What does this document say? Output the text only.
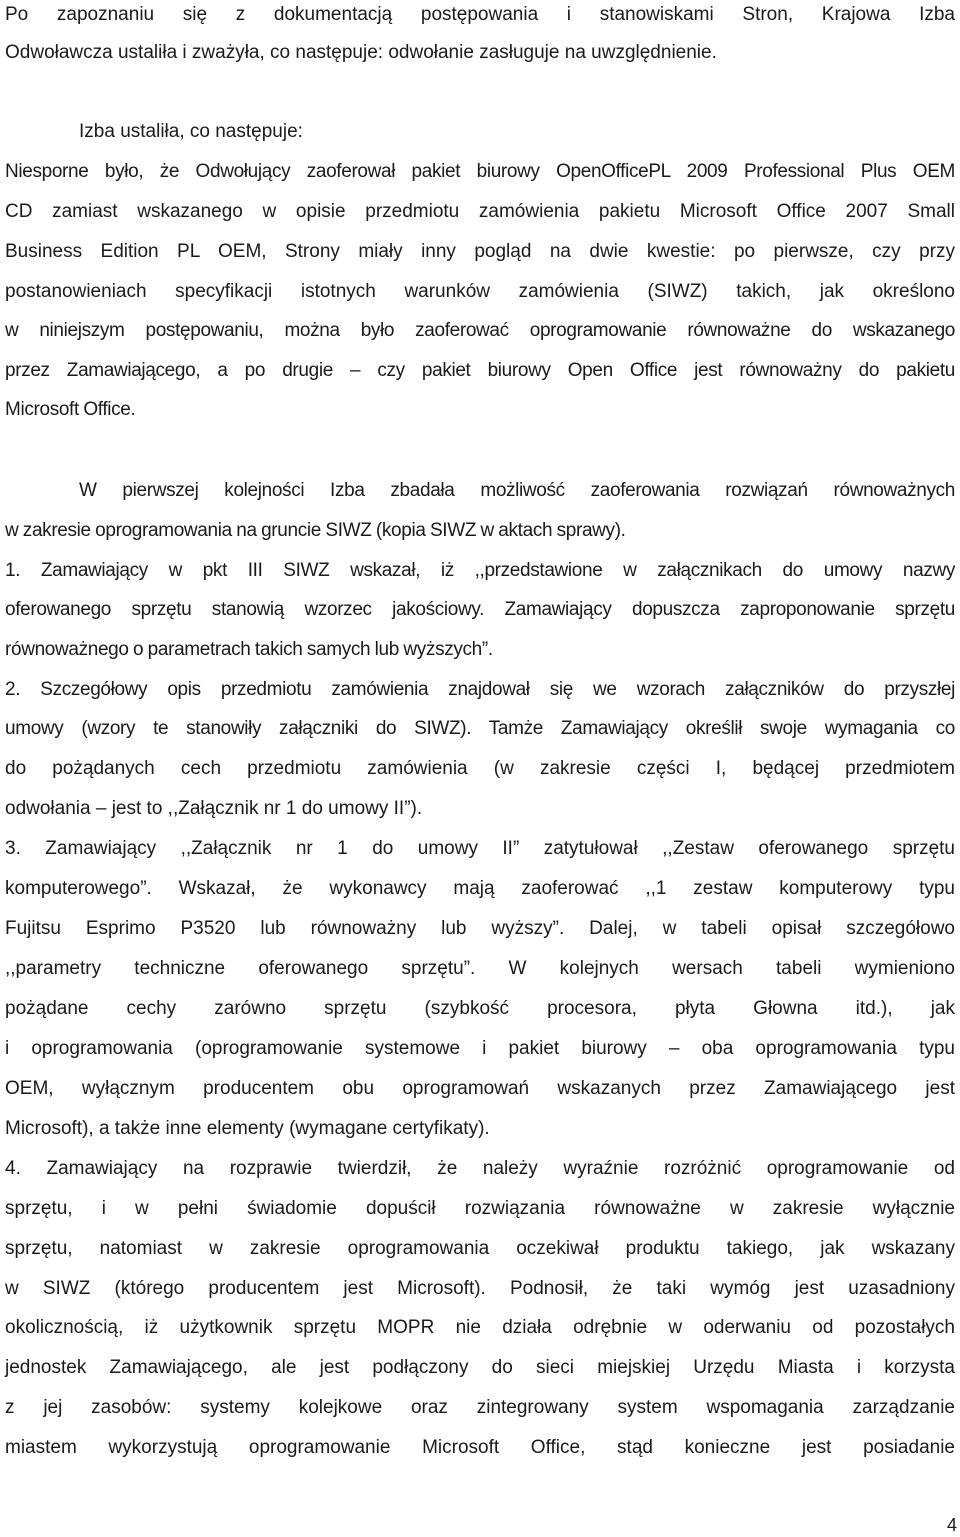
Po zapoznaniu się z dokumentacją postępowania i stanowiskami Stron, Krajowa Izba
Odwoławcza ustaliła i zważyła, co następuje: odwołanie zasługuje na uwzględnienie.
Izba ustaliła, co następuje:
Niesporne było, że Odwołujący zaoferował pakiet biurowy OpenOfficePL 2009 Professional Plus OEM
CD zamiast wskazanego w opisie przedmiotu zamówienia pakietu Microsoft Office 2007 Small
Business Edition PL OEM, Strony miały inny pogląd na dwie kwestie: po pierwsze, czy przy
postanowieniach specyfikacji istotnych warunków zamówienia (SIWZ) takich, jak określono
w niniejszym postępowaniu, można było zaoferować oprogramowanie równoważne do wskazanego
przez Zamawiającego, a po drugie – czy pakiet biurowy Open Office jest równoważny do pakietu
Microsoft Office.
W pierwszej kolejności Izba zbadała możliwość zaoferowania rozwiązań równoważnych
w zakresie oprogramowania na gruncie SIWZ (kopia SIWZ w aktach sprawy).
1. Zamawiający w pkt III SIWZ wskazał, iż ,,przedstawione w załącznikach do umowy nazwy
oferowanego sprzętu stanowią wzorzec jakościowy. Zamawiający dopuszcza zaproponowanie sprzętu
równoważnego o parametrach takich samych lub wyższych”.
2. Szczegółowy opis przedmiotu zamówienia znajdował się we wzorach załączników do przyszłej
umowy (wzory te stanowiły załączniki do SIWZ). Tamże Zamawiający określił swoje wymagania co
do pożądanych cech przedmiotu zamówienia (w zakresie części I, będącej przedmiotem
odwołania – jest to ,,Załącznik nr 1 do umowy II”).
3. Zamawiający ,,Załącznik nr 1 do umowy II” zatytułował ,,Zestaw oferowanego sprzętu
komputerowego”. Wskazał, że wykonawcy mają zaoferować ,,1 zestaw komputerowy typu
Fujitsu Esprimo P3520 lub równoważny lub wyższy”. Dalej, w tabeli opisał szczegółowo
,,parametry techniczne oferowanego sprzętu”. W kolejnych wersach tabeli wymieniono
pożądane cechy zarówno sprzętu (szybkość procesora, płyta Głowna itd.), jak
i oprogramowania (oprogramowanie systemowe i pakiet biurowy – oba oprogramowania typu
OEM, wyłącznym producentem obu oprogramowań wskazanych przez Zamawiającego jest
Microsoft), a także inne elementy (wymagane certyfikaty).
4. Zamawiający na rozprawie twierdził, że należy wyraźnie rozróżnić oprogramowanie od
sprzętu, i w pełni świadomie dopuścił rozwiązania równoważne w zakresie wyłącznie
sprzętu, natomiast w zakresie oprogramowania oczekiwał produktu takiego, jak wskazany
w SIWZ (którego producentem jest Microsoft). Podnosił, że taki wymóg jest uzasadniony
okolicznością, iż użytkownik sprzętu MOPR nie działa odrębnie w oderwaniu od pozostałych
jednostek Zamawiającego, ale jest podłączony do sieci miejskiej Urzędu Miasta i korzysta
z jej zasobów: systemy kolejkowe oraz zintegrowany system wspomagania zarządzanie
miastem wykorzystują oprogramowanie Microsoft Office, stąd konieczne jest posiadanie
4
